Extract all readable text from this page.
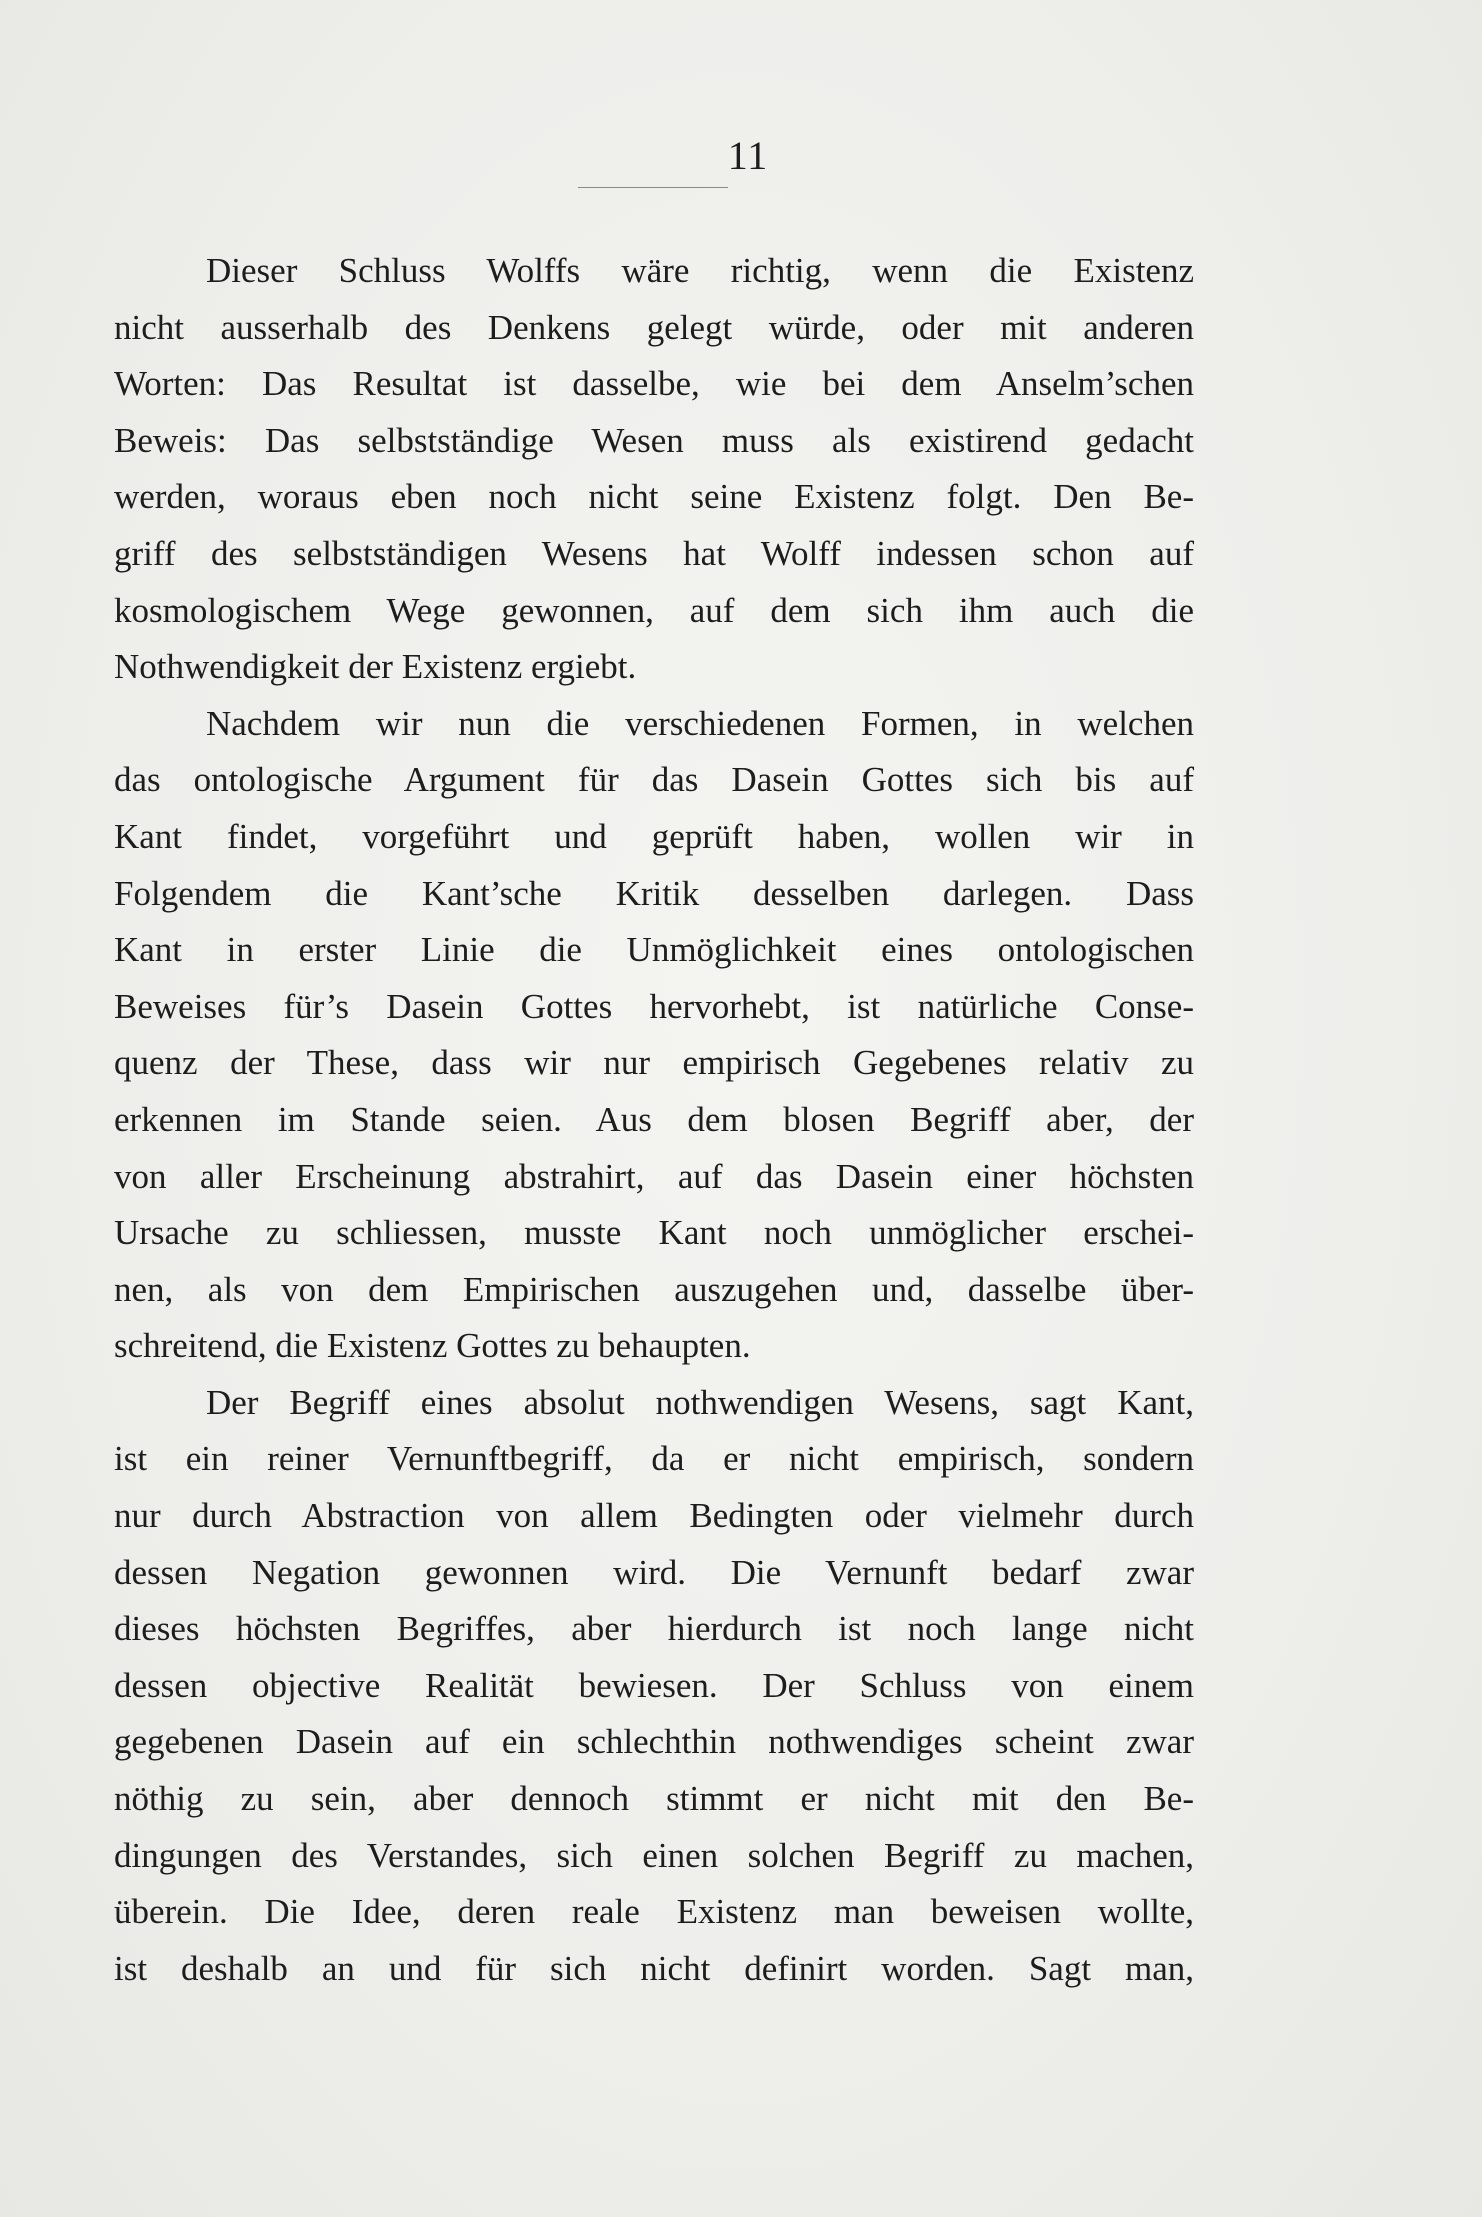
11
Dieser Schluss Wolffs wäre richtig, wenn die Existenz
nicht ausserhalb des Denkens gelegt würde, oder mit anderen
Worten: Das Resultat ist dasselbe, wie bei dem Anselm’schen
Beweis: Das selbstständige Wesen muss als existirend gedacht
werden, woraus eben noch nicht seine Existenz folgt. Den Be-
griff des selbstständigen Wesens hat Wolff indessen schon auf
kosmologischem Wege gewonnen, auf dem sich ihm auch die
Nothwendigkeit der Existenz ergiebt.
Nachdem wir nun die verschiedenen Formen, in welchen
das ontologische Argument für das Dasein Gottes sich bis auf
Kant findet, vorgeführt und geprüft haben, wollen wir in
Folgendem die Kant’sche Kritik desselben darlegen. Dass
Kant in erster Linie die Unmöglichkeit eines ontologischen
Beweises für’s Dasein Gottes hervorhebt, ist natürliche Conse-
quenz der These, dass wir nur empirisch Gegebenes relativ zu
erkennen im Stande seien. Aus dem blosen Begriff aber, der
von aller Erscheinung abstrahirt, auf das Dasein einer höchsten
Ursache zu schliessen, musste Kant noch unmöglicher erschei-
nen, als von dem Empirischen auszugehen und, dasselbe über-
schreitend, die Existenz Gottes zu behaupten.
Der Begriff eines absolut nothwendigen Wesens, sagt Kant,
ist ein reiner Vernunftbegriff, da er nicht empirisch, sondern
nur durch Abstraction von allem Bedingten oder vielmehr durch
dessen Negation gewonnen wird. Die Vernunft bedarf zwar
dieses höchsten Begriffes, aber hierdurch ist noch lange nicht
dessen objective Realität bewiesen. Der Schluss von einem
gegebenen Dasein auf ein schlechthin nothwendiges scheint zwar
nöthig zu sein, aber dennoch stimmt er nicht mit den Be-
dingungen des Verstandes, sich einen solchen Begriff zu machen,
überein. Die Idee, deren reale Existenz man beweisen wollte,
ist deshalb an und für sich nicht definirt worden. Sagt man,
